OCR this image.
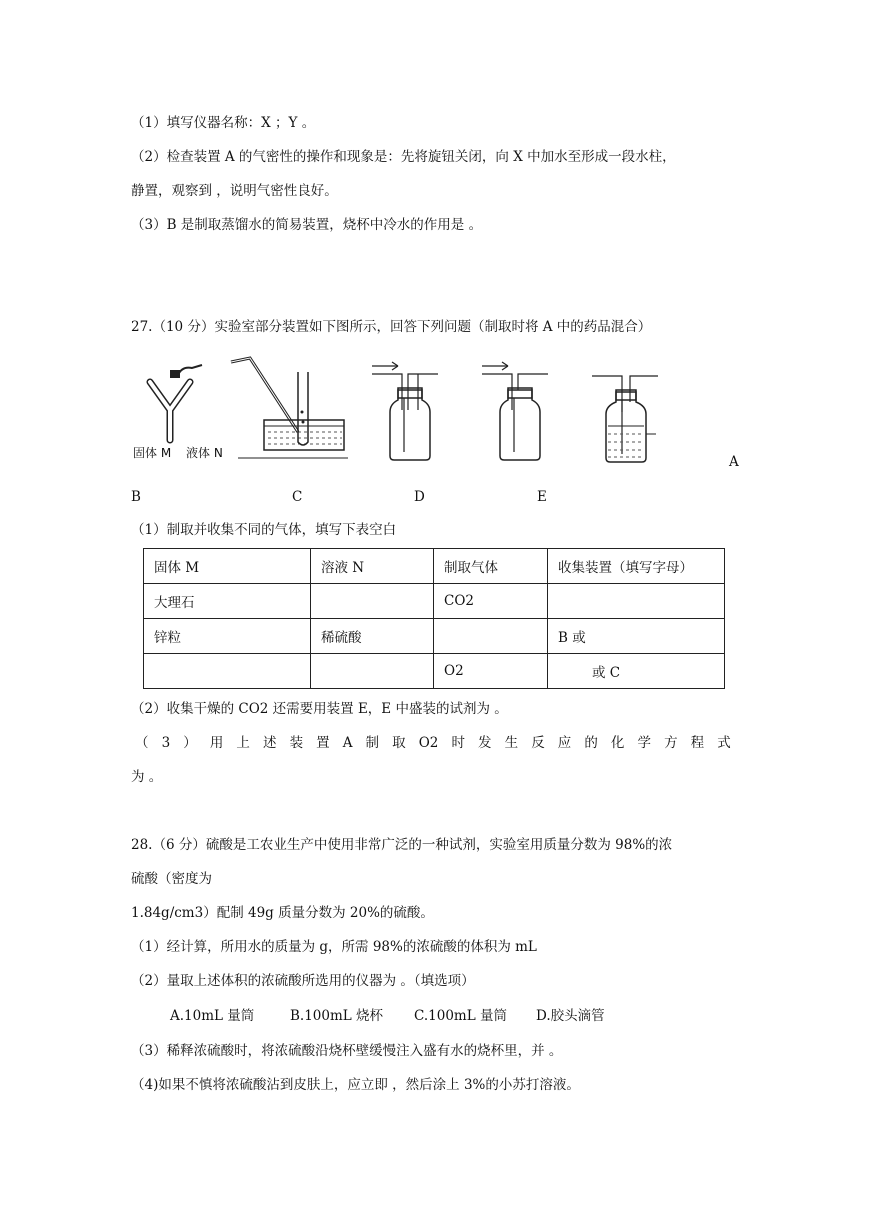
（1）填写仪器名称：X ；Y 。
（2）检查装置 A 的气密性的操作和现象是：先将旋钮关闭，向 X 中加水至形成一段水柱，
静置，观察到 ，说明气密性良好。
（3）B 是制取蒸馏水的简易装置，烧杯中冷水的作用是 。
27.（10 分）实验室部分装置如下图所示，回答下列问题（制取时将 A 中的药品混合）
固体 M 液体 N
A
B	C	D	E
（1）制取并收集不同的气体，填写下表空白
固体 M	溶液 N	制取气体	收集装置（填写字母）
大理石		CO2	
锌粒	稀硫酸		B 或
		O2	或 C
（2）收集干燥的 CO2 还需要用装置 E，E 中盛装的试剂为 。
（ 3 ） 用 上 述 装 置 A 制 取 O2 时 发 生 反 应 的 化 学 方 程 式
为 。
28.（6 分）硫酸是工农业生产中使用非常广泛的一种试剂，实验室用质量分数为 98%的浓
硫酸（密度为
1.84g/cm3）配制 49g 质量分数为 20%的硫酸。
（1）经计算，所用水的质量为 g，所需 98%的浓硫酸的体积为 mL
（2）量取上述体积的浓硫酸所选用的仪器为 。（填选项）
A.10mL 量筒	B.100mL 烧杯 C.100mL 量筒 D.胶头滴管
（3）稀释浓硫酸时，将浓硫酸沿烧杯壁缓慢注入盛有水的烧杯里，并 。
（4)如果不慎将浓硫酸沾到皮肤上，应立即 ，然后涂上 3%的小苏打溶液。
